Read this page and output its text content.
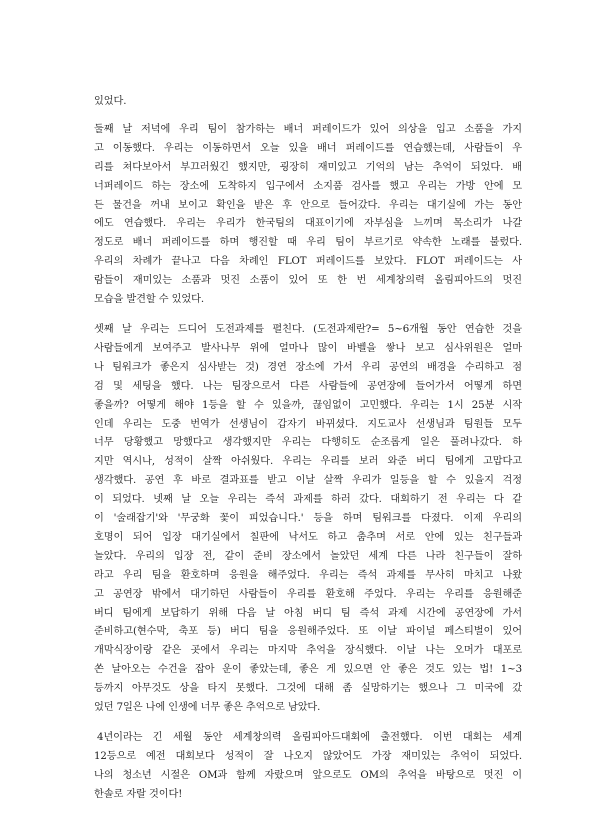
있었다.
둘째 날 저녁에 우리 팀이 참가하는 배너 퍼레이드가 있어 의상을 입고 소품을 가지
고 이동했다. 우리는 이동하면서 오늘 있을 배너 퍼레이드를 연습했는데, 사람들이 우
리를 쳐다보아서 부끄러웠긴 했지만, 굉장히 재미있고 기억의 남는 추억이 되었다. 배
너퍼레이드 하는 장소에 도착하지 입구에서 소지품 검사를 했고 우리는 가방 안에 모
든 물건을 꺼내 보이고 확인을 받은 후 안으로 들어갔다. 우리는 대기실에 가는 동안
에도 연습했다. 우리는 우리가 한국팀의 대표이기에 자부심을 느끼며 목소리가 나갈
정도로 배너 퍼레이드를 하며 행진할 때 우리 팀이 부르기로 약속한 노래를 불렀다.
우리의 차례가 끝나고 다음 차례인 FLOT 퍼레이드를 보았다. FLOT 퍼레이드는 사
람들이 재미있는 소품과 멋진 소품이 있어 또 한 번 세계창의력 올림피아드의 멋진
모습을 발견할 수 있었다.
셋째 날 우리는 드디어 도전과제를 펼친다. (도전과제란?= 5~6개월 동안 연습한 것을
사람들에게 보여주고 발사나무 위에 얼마나 많이 바벨을 쌓나 보고 심사위원은 얼마
나 팀워크가 좋은지 심사받는 것) 경연 장소에 가서 우리 공연의 배경을 수리하고 점
검 및 세팅을 했다. 나는 팀장으로서 다른 사람들에 공연장에 들어가서 어떻게 하면
좋을까? 어떻게 해야 1등을 할 수 있을까, 끊임없이 고민했다. 우리는 1시 25분 시작
인데 우리는 도중 번역가 선생님이 갑자기 바뀌셨다. 지도교사 선생님과 팀원들 모두
너무 당황했고 망했다고 생각했지만 우리는 다행히도 순조롭게 일은 풀려나갔다. 하
지만 역시나, 성적이 살짝 아쉬웠다. 우리는 우리를 보러 와준 버디 팀에게 고맙다고
생각했다. 공연 후 바로 결과표를 받고 이날 살짝 우리가 일등을 할 수 있을지 걱정
이 되었다. 넷째 날 오늘 우리는 즉석 과제를 하러 갔다. 대회하기 전 우리는 다 같
이 '술래잡기'와 '무궁화 꽃이 피었습니다.' 등을 하며 팀워크를 다졌다. 이제 우리의
호명이 되어 입장 대기실에서 칠판에 낙서도 하고 춤추며 서로 안에 있는 친구들과
놀았다. 우리의 입장 전, 같이 준비 장소에서 놀았던 세계 다른 나라 친구들이 잘하
라고 우리 팀을 환호하며 응원을 해주었다. 우리는 즉석 과제를 무사히 마치고 나왔
고 공연장 밖에서 대기하던 사람들이 우리를 환호해 주었다. 우리는 우리를 응원해준
버디 팀에게 보답하기 위해 다음 날 아침 버디 팀 즉석 과제 시간에 공연장에 가서
준비하고(현수막, 축포 등) 버디 팀을 응원해주었다. 또 이날 파이널 페스티벌이 있어
개막식장이랑 같은 곳에서 우리는 마지막 추억을 장식했다. 이날 나는 오머가 대포로
쏜 날아오는 수건을 잡아 운이 좋았는데, 좋은 게 있으면 안 좋은 것도 있는 법! 1~3
등까지 아무것도 상을 타지 못했다. 그것에 대해 좀 실망하기는 했으나 그 미국에 갔
었던 7일은 나에 인생에 너무 좋은 추억으로 남았다.
4년이라는 긴 세월 동안 세계창의력 올림피아드대회에 출전했다. 이번 대회는 세계
12등으로 예전 대회보다 성적이 잘 나오지 않았어도 가장 재미있는 추억이 되었다.
나의 청소년 시절은 OM과 함께 자랐으며 앞으로도 OM의 추억을 바탕으로 멋진 이
한솔로 자랄 것이다!
